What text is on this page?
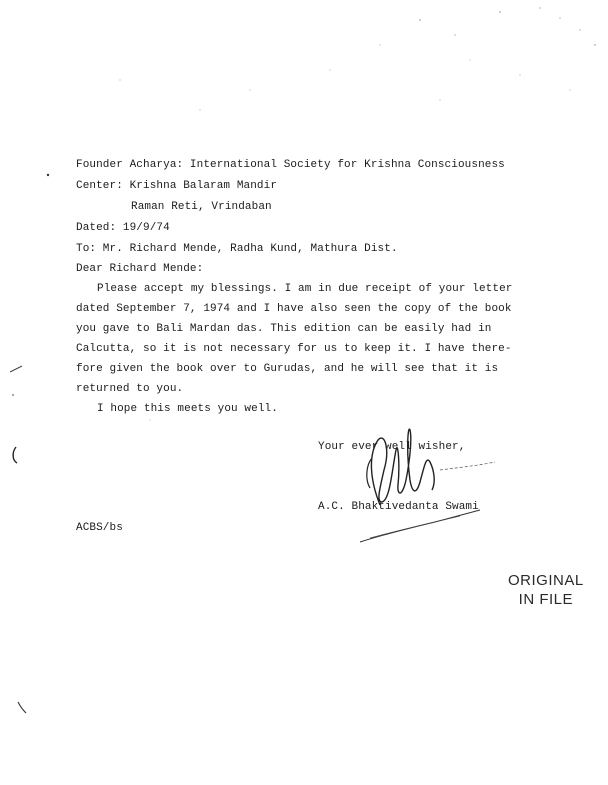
Founder Acharya: International Society for Krishna Consciousness
Center: Krishna Balaram Mandir
Raman Reti, Vrindaban
Dated: 19/9/74
To: Mr. Richard Mende, Radha Kund, Mathura Dist.
Dear Richard Mende:
Please accept my blessings. I am in due receipt of your letter
dated September 7, 1974 and I have also seen the copy of the book
you gave to Bali Mardan das. This edition can be easily had in
Calcutta, so it is not necessary for us to keep it. I have there-
fore given the book over to Gurudas, and he will see that it is
returned to you.
I hope this meets you well.
Your ever well wisher,
A.C. Bhaktivedanta Swami
ACBS/bs
ORIGINAL
IN FILE
